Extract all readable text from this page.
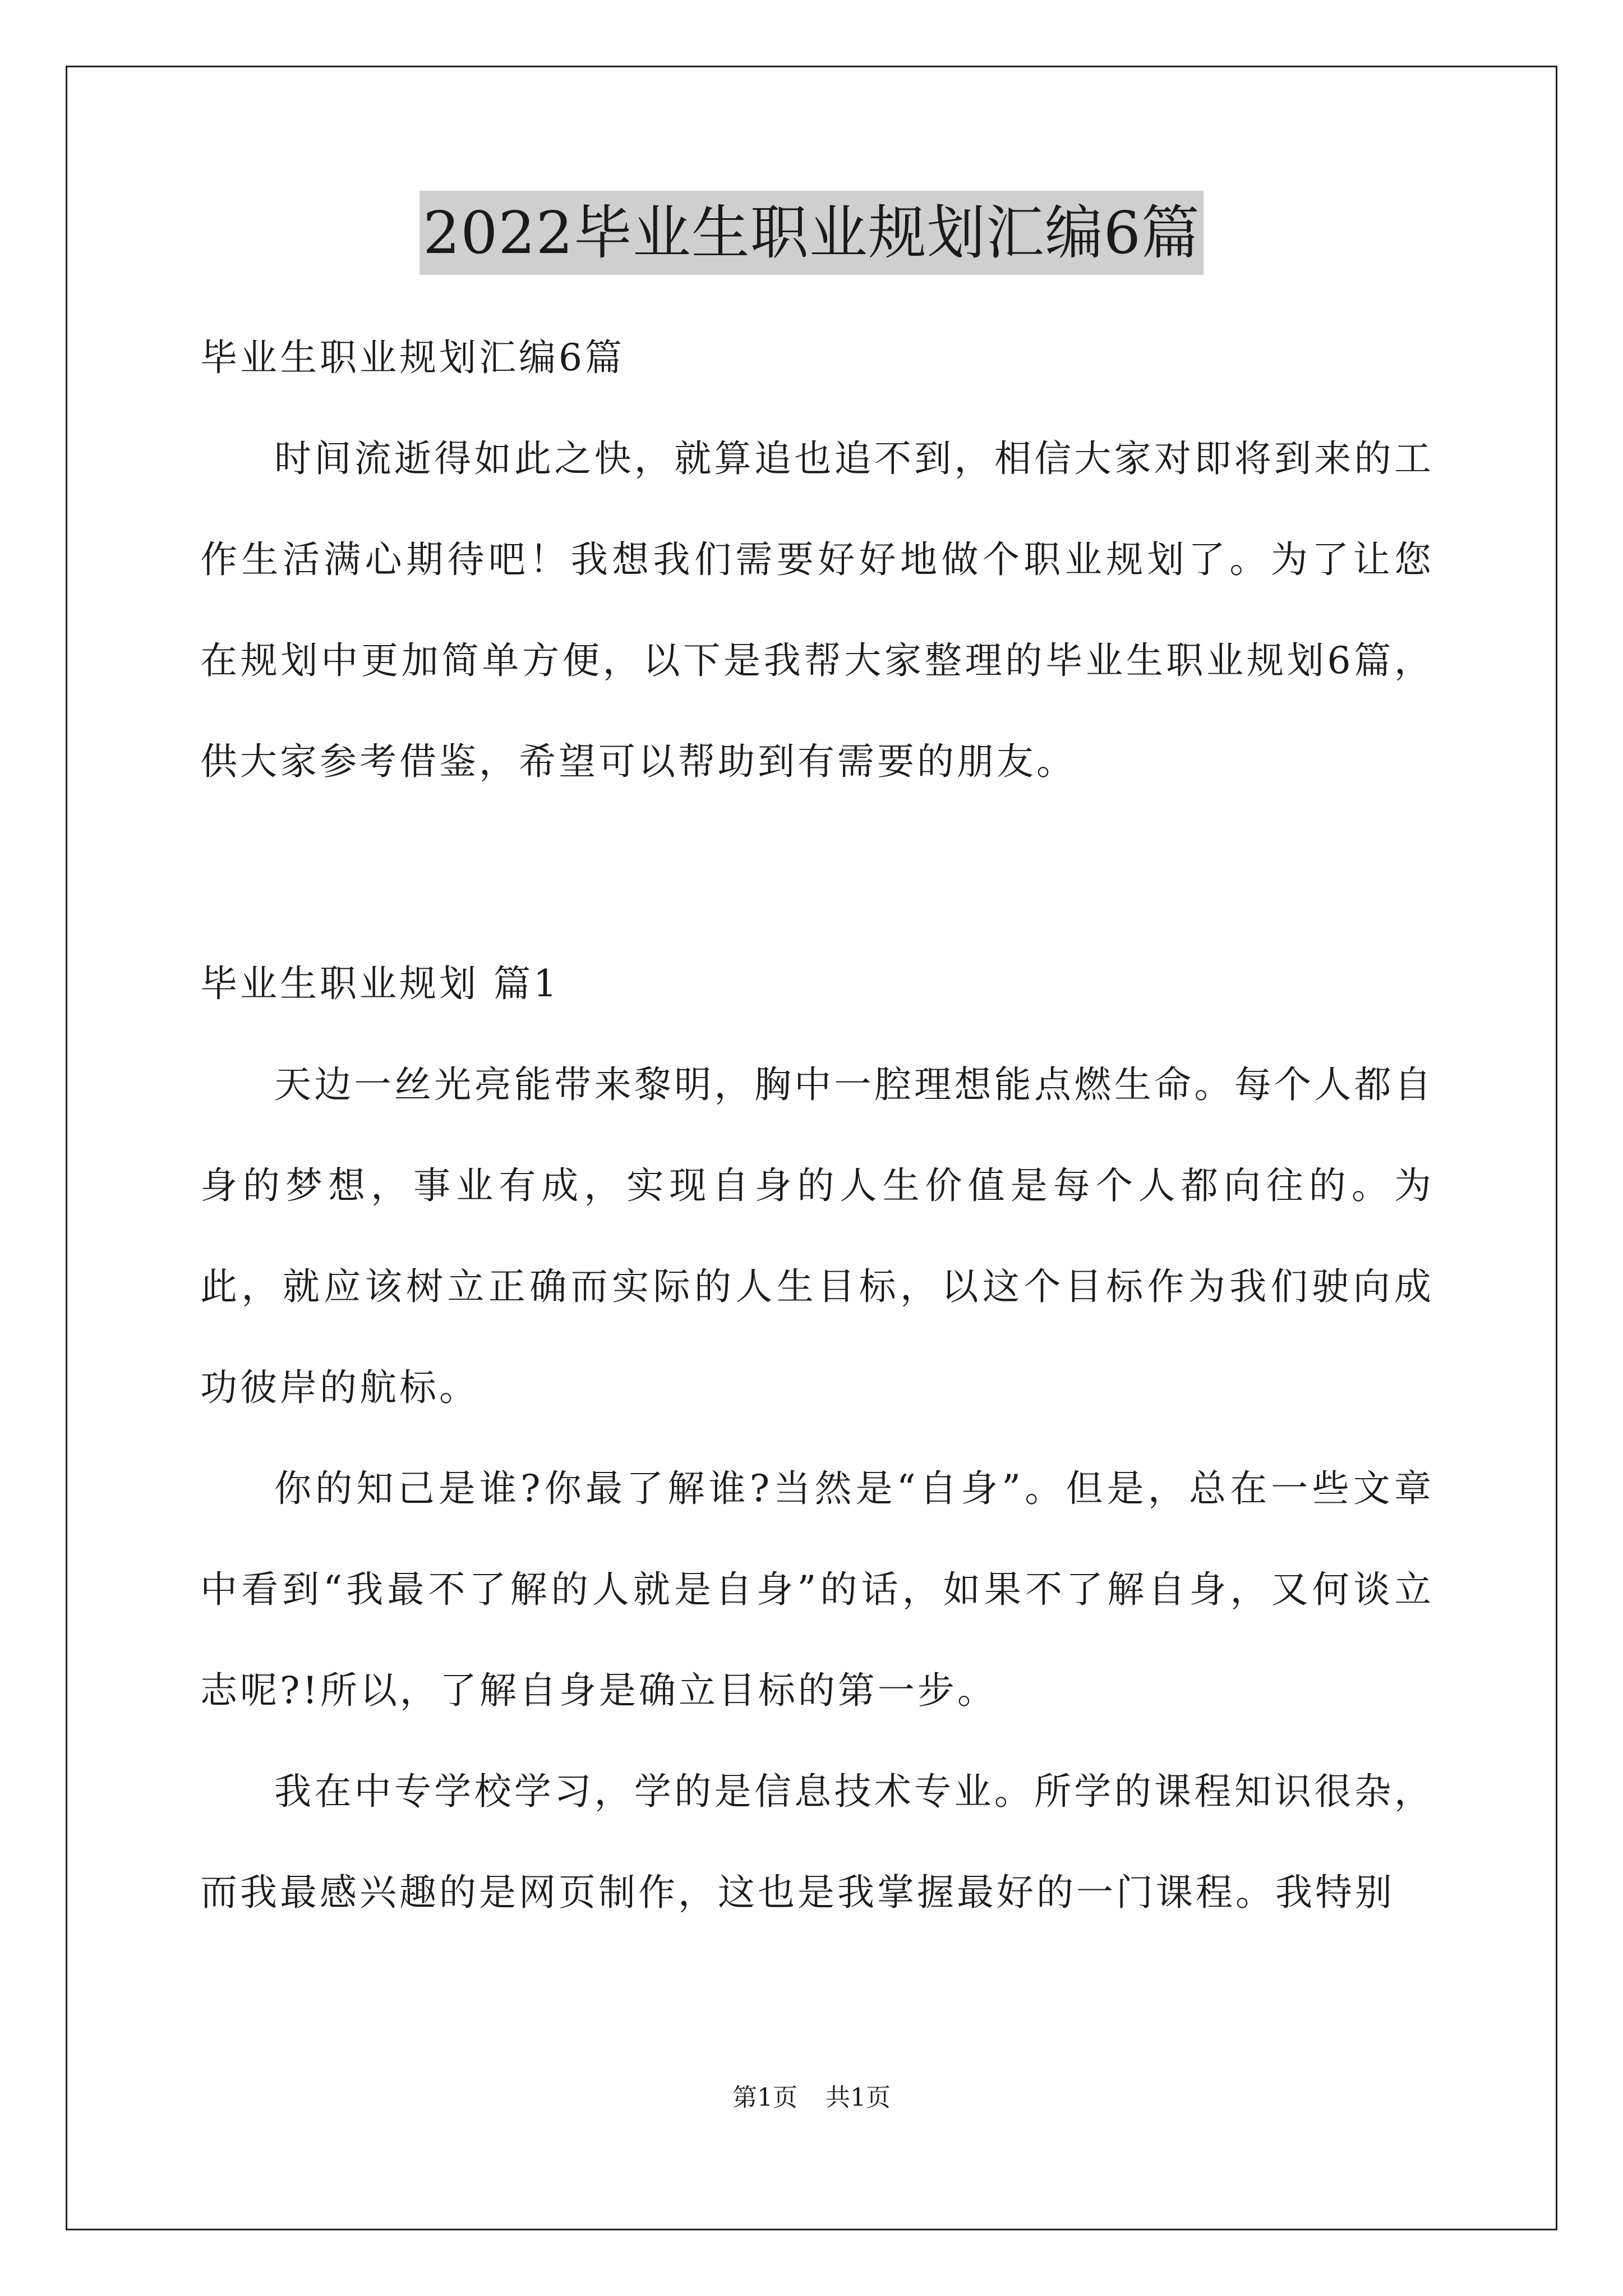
2022毕业生职业规划汇编6篇

毕业生职业规划汇编6篇

时间流逝得如此之快，就算追也追不到，相信大家对即将到来的工作生活满心期待吧！我想我们需要好好地做个职业规划了。为了让您在规划中更加简单方便，以下是我帮大家整理的毕业生职业规划6篇，供大家参考借鉴，希望可以帮助到有需要的朋友。

毕业生职业规划 篇1

天边一丝光亮能带来黎明，胸中一腔理想能点燃生命。每个人都自身的梦想，事业有成，实现自身的人生价值是每个人都向往的。为此，就应该树立正确而实际的人生目标，以这个目标作为我们驶向成功彼岸的航标。

你的知己是谁?你最了解谁?当然是“自身”。但是，总在一些文章中看到“我最不了解的人就是自身”的话，如果不了解自身，又何谈立志呢?!所以，了解自身是确立目标的第一步。

我在中专学校学习，学的是信息技术专业。所学的课程知识很杂，而我最感兴趣的是网页制作，这也是我掌握最好的一门课程。我特别

第1页 共1页
